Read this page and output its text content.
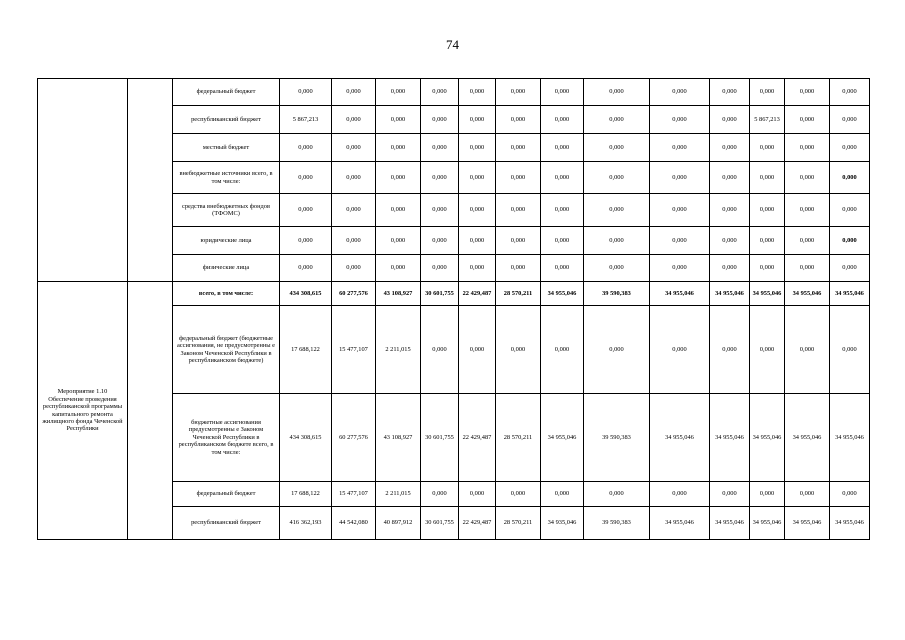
74
		федеральный бюджет	0,000	0,000	0,000	0,000	0,000	0,000	0,000	0,000	0,000	0,000	0,000	0,000	0,000	
		республиканский бюджет	5 867,213	0,000	0,000	0,000	0,000	0,000	0,000	0,000	0,000	0,000	5 867,213	0,000	0,000	
		местный бюджет	0,000	0,000	0,000	0,000	0,000	0,000	0,000	0,000	0,000	0,000	0,000	0,000	0,000	
		внебюджетные источники всего, в том числе:	0,000	0,000	0,000	0,000	0,000	0,000	0,000	0,000	0,000	0,000	0,000	0,000	0,000	
		средства внебюджетных фондов (ТФОМС)	0,000	0,000	0,000	0,000	0,000	0,000	0,000	0,000	0,000	0,000	0,000	0,000	0,000	
		юридические лица	0,000	0,000	0,000	0,000	0,000	0,000	0,000	0,000	0,000	0,000	0,000	0,000	0,000	
		физические лица	0,000	0,000	0,000	0,000	0,000	0,000	0,000	0,000	0,000	0,000	0,000	0,000	0,000	
Мероприятие 1.10 Обеспечение проведения республиканской программы капитального ремонта жилищного фонда Чеченской Республики		всего, в том числе:	434 308,615	60 277,576	43 108,927	30 601,755	22 429,487	28 570,211	34 955,046	39 590,383	34 955,046	34 955,046	34 955,046	34 955,046	34 955,046	
		федеральный бюджет (бюджетные ассигнования, не предусмотренны е Законом Чеченской Республики в республиканском бюджете)	17 688,122	15 477,107	2 211,015	0,000	0,000	0,000	0,000	0,000	0,000	0,000	0,000	0,000	0,000	
		бюджетные ассигнования предусмотренны е Законом Чеченской Республики в республиканском бюджете всего, в том числе:	434 308,615	60 277,576	43 108,927	30 601,755	22 429,487	28 570,211	34 955,046	39 590,383	34 955,046	34 955,046	34 955,046	34 955,046	34 955,046	
		федеральный бюджет	17 688,122	15 477,107	2 211,015	0,000	0,000	0,000	0,000	0,000	0,000	0,000	0,000	0,000	0,000	
		республиканский бюджет	416 362,193	44 542,080	40 897,912	30 601,755	22 429,487	28 570,211	34 935,046	39 590,383	34 955,046	34 955,046	34 955,046	34 955,046	34 955,046	
